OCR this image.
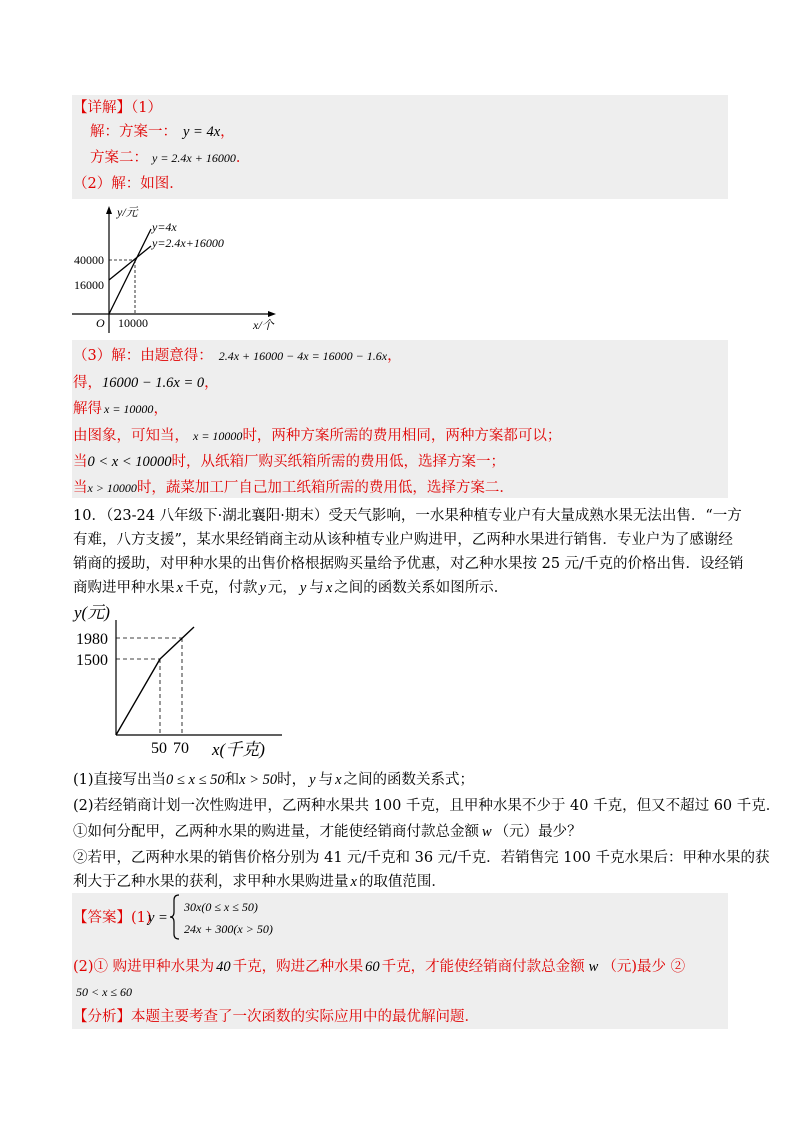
【详解】（1）
解：方案一： y = 4x，
方案二： y = 2.4x + 16000．
（2）解：如图．
y/元
x/个
O
40000
16000
10000
y=4x
y=2.4x+16000
（3）解：由题意得： 2.4x + 16000 − 4x = 16000 − 1.6x，
得，16000 − 1.6x = 0，
解得 x = 10000，
由图象，可知当， x = 10000时，两种方案所需的费用相同，两种方案都可以；
当0 < x < 10000时，从纸箱厂购买纸箱所需的费用低，选择方案一；
当x > 10000时，蔬菜加工厂自己加工纸箱所需的费用低，选择方案二．
10．（23-24 八年级下·湖北襄阳·期末）受天气影响，一水果种植专业户有大量成熟水果无法出售．“一方
有难，八方支援”，某水果经销商主动从该种植专业户购进甲，乙两种水果进行销售．专业户为了感谢经
销商的援助，对甲种水果的出售价格根据购买量给予优惠，对乙种水果按 25 元/千克的价格出售．设经销
商购进甲种水果 x 千克，付款 y 元， y 与 x 之间的函数关系如图所示．
y(元)
x(千克)
1980
1500
50 70
(1)直接写出当0 ≤ x ≤ 50和x > 50时， y 与 x 之间的函数关系式；
(2)若经销商计划一次性购进甲，乙两种水果共 100 千克，且甲种水果不少于 40 千克，但又不超过 60 千克．
①如何分配甲，乙两种水果的购进量，才能使经销商付款总金额 w （元）最少？
②若甲，乙两种水果的销售价格分别为 41 元/千克和 36 元/千克．若销售完 100 千克水果后：甲种水果的获
利大于乙种水果的获利，求甲种水果购进量 x 的取值范围．
【答案】(1)
y =
30x(0 ≤ x ≤ 50)
24x + 300(x > 50)
(2)① 购进甲种水果为 40 千克，购进乙种水果 60 千克，才能使经销商付款总金额 w （元)最少 ②
50 < x ≤ 60
【分析】本题主要考查了一次函数的实际应用中的最优解问题．
